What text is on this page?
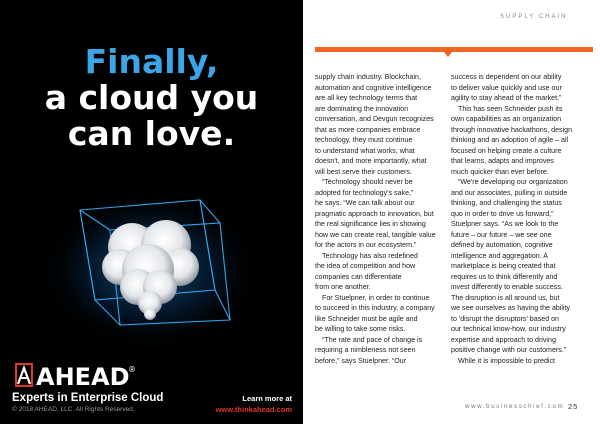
Finally,
a cloud you
can love.
AHEAD
®
Experts in Enterprise Cloud
© 2018 AHEAD, LLC. All Rights Reserved.
Learn more at
www.thinkahead.com
SUPPLY CHAIN
supply chain industry. Blockchain,
automation and cognitive intelligence
are all key technology terms that
are dominating the innovation
conversation, and Devgun recognizes
that as more companies embrace
technology, they must continue
to understand what works, what
doesn't, and more importantly, what
will best serve their customers.
“Technology should never be
adopted for technology's sake,”
he says. “We can talk about our
pragmatic approach to innovation, but
the real significance lies in showing
how we can create real, tangible value
for the actors in our ecosystem.”
Technology has also redefined
the idea of competition and how
companies can differentiate
from one another.
For Stuelpner, in order to continue
to succeed in this industry, a company
like Schneider must be agile and
be willing to take some risks.
“The rate and pace of change is
requiring a nimbleness not seen
before,” says Stuelpner. “Our
success is dependent on our ability
to deliver value quickly and use our
agility to stay ahead of the market.”
This has seen Schneider push its
own capabilities as an organization
through innovative hackathons, design
thinking and an adoption of agile – all
focused on helping create a culture
that learns, adapts and improves
much quicker than ever before.
“We're developing our organization
and our associates, pulling in outside
thinking, and challenging the status
quo in order to drive us forward,”
Stuelpner says. “As we look to the
future – our future – we see one
defined by automation, cognitive
intelligence and aggregation. A
marketplace is being created that
requires us to think differently and
invest differently to enable success.
The disruption is all around us, but
we see ourselves as having the ability
to 'disrupt the disruptors' based on
our technical know-how, our industry
expertise and approach to driving
positive change with our customers.”
While it is impossible to predict
www.businesschief.com 25
